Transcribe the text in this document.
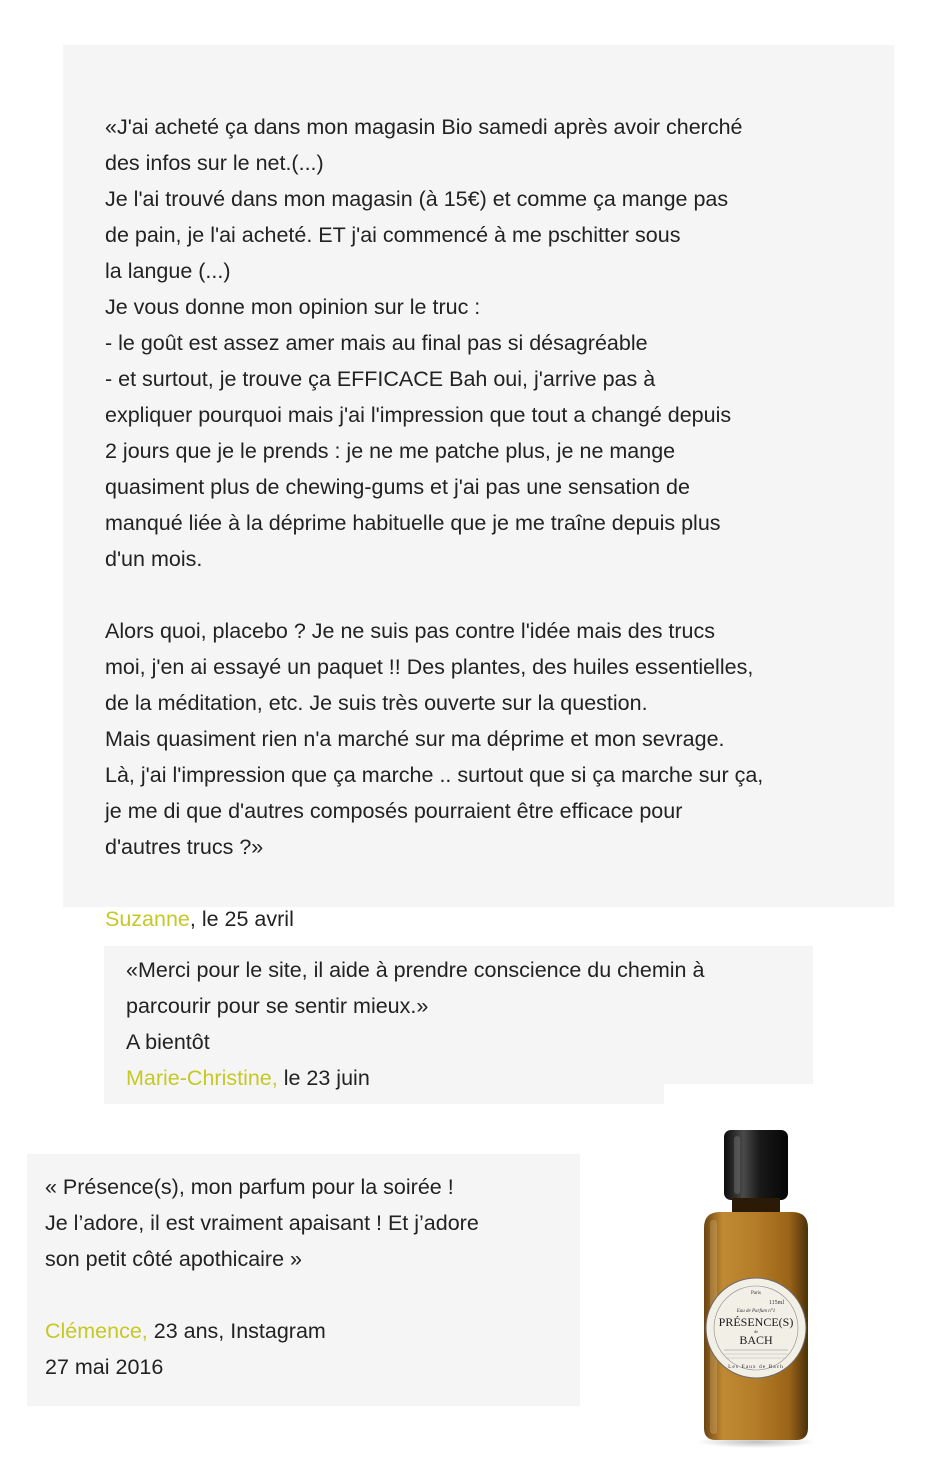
«J'ai acheté ça dans mon magasin Bio samedi après avoir cherché
des infos sur le net.(...)
Je l'ai trouvé dans mon magasin (à 15€) et comme ça mange pas
de pain, je l'ai acheté. ET j'ai commencé à me pschitter sous
la langue (...)
Je vous donne mon opinion sur le truc :
- le goût est assez amer mais au final pas si désagréable
- et surtout, je trouve ça EFFICACE Bah oui, j'arrive pas à
expliquer pourquoi mais j'ai l'impression que tout a changé depuis
2 jours que je le prends : je ne me patche plus, je ne mange
quasiment plus de chewing-gums et j'ai pas une sensation de
manqué liée à la déprime habituelle que je me traîne depuis plus
d'un mois.

Alors quoi, placebo ? Je ne suis pas contre l'idée mais des trucs
moi, j'en ai essayé un paquet !! Des plantes, des huiles essentielles,
de la méditation, etc. Je suis très ouverte sur la question.
Mais quasiment rien n'a marché sur ma déprime et mon sevrage.
Là, j'ai l'impression que ça marche .. surtout que si ça marche sur ça,
je me di que d'autres composés pourraient être efficace pour
d'autres trucs ?»

Suzanne, le 25 avril

«Merci pour le site, il aide à prendre conscience du chemin à
parcourir pour se sentir mieux.»

A bientôt

Marie-Christine, le 23 juin

« Présence(s), mon parfum pour la soirée !
Je l’adore, il est vraiment apaisant ! Et j’adore
son petit côté apothicaire »

Clémence, 23 ans, Instagram

27 mai 2016

Paris
115ml
Eau de Parfum n°1
PRÉSENCE(S)
de
BACH
Les Eaux de Bach
